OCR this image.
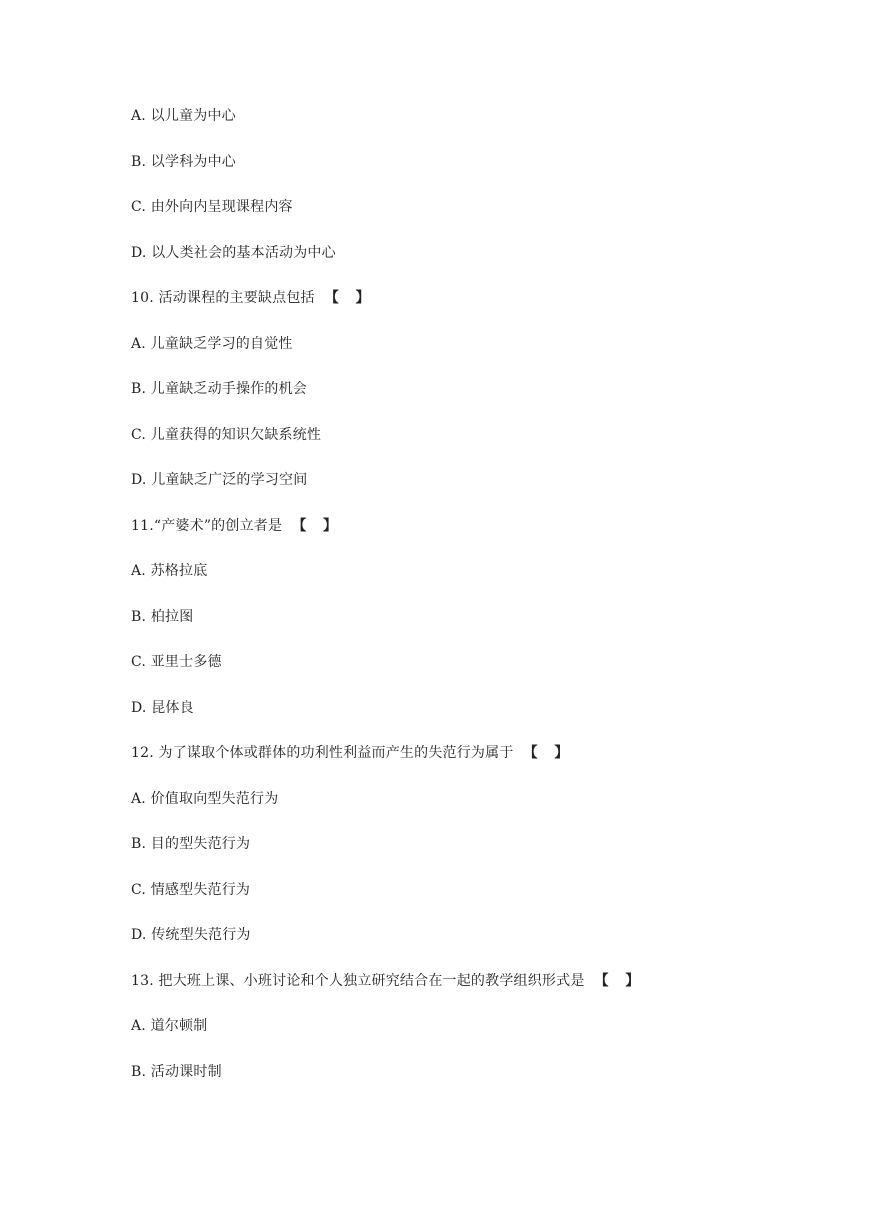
A. 以儿童为中心
B. 以学科为中心
C. 由外向内呈现课程内容
D. 以人类社会的基本活动为中心
10. 活动课程的主要缺点包括 【 】
A. 儿童缺乏学习的自觉性
B. 儿童缺乏动手操作的机会
C. 儿童获得的知识欠缺系统性
D. 儿童缺乏广泛的学习空间
11.“产婆术”的创立者是 【 】
A. 苏格拉底
B. 柏拉图
C. 亚里士多德
D. 昆体良
12. 为了谋取个体或群体的功利性利益而产生的失范行为属于 【 】
A. 价值取向型失范行为
B. 目的型失范行为
C. 情感型失范行为
D. 传统型失范行为
13. 把大班上课、小班讨论和个人独立研究结合在一起的教学组织形式是 【 】
A. 道尔顿制
B. 活动课时制
